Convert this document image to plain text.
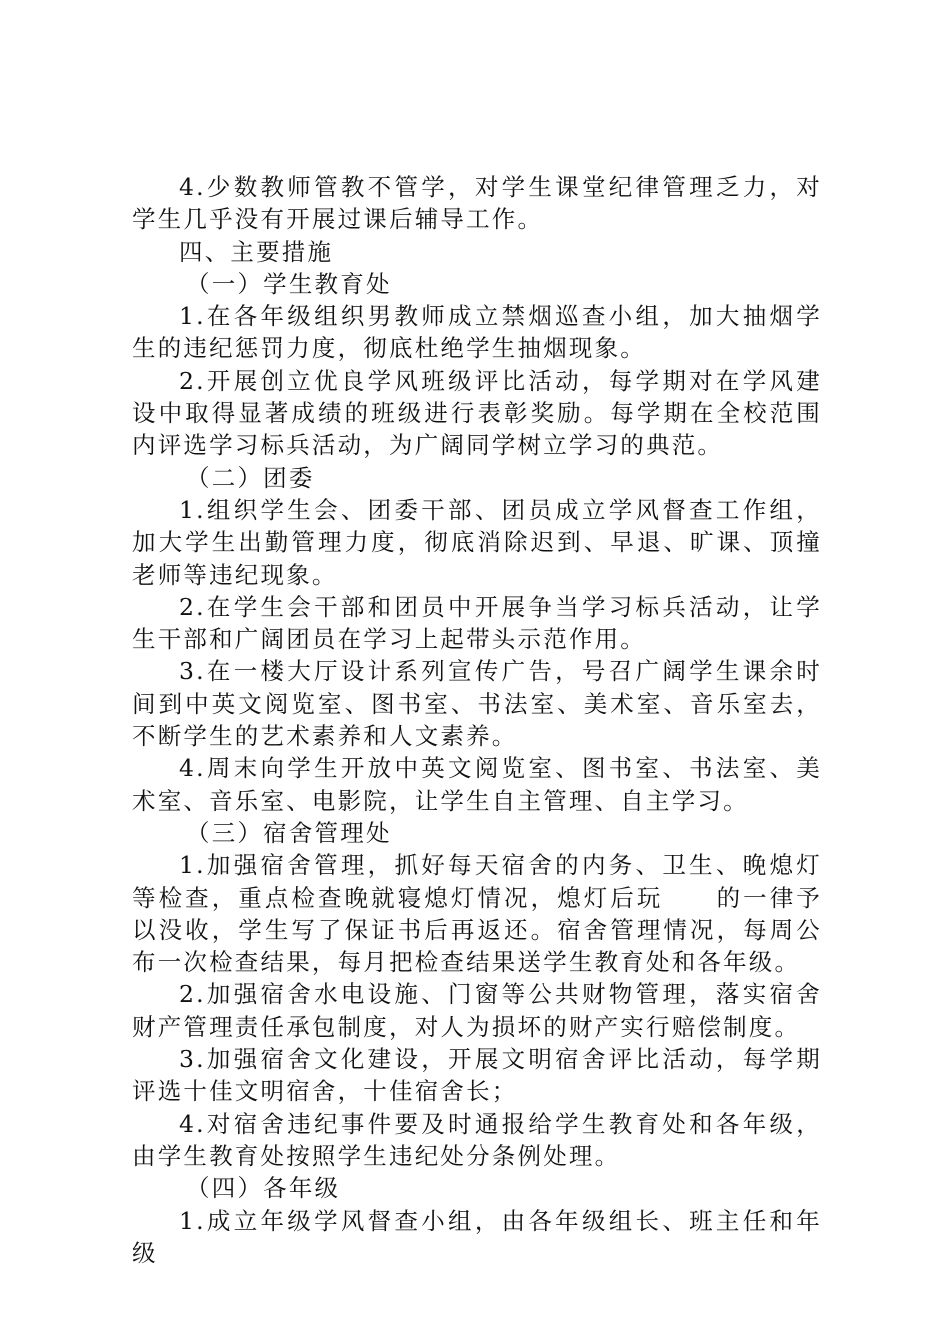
4.少数教师管教不管学，对学生课堂纪律管理乏力，对学生几乎没有开展过课后辅导工作。

四、主要措施

（一）学生教育处

1.在各年级组织男教师成立禁烟巡查小组，加大抽烟学生的违纪惩罚力度，彻底杜绝学生抽烟现象。

2.开展创立优良学风班级评比活动，每学期对在学风建设中取得显著成绩的班级进行表彰奖励。每学期在全校范围内评选学习标兵活动，为广阔同学树立学习的典范。

（二）团委

1.组织学生会、团委干部、团员成立学风督查工作组，加大学生出勤管理力度，彻底消除迟到、早退、旷课、顶撞老师等违纪现象。

2.在学生会干部和团员中开展争当学习标兵活动，让学生干部和广阔团员在学习上起带头示范作用。

3.在一楼大厅设计系列宣传广告，号召广阔学生课余时间到中英文阅览室、图书室、书法室、美术室、音乐室去，不断学生的艺术素养和人文素养。

4.周末向学生开放中英文阅览室、图书室、书法室、美术室、音乐室、电影院，让学生自主管理、自主学习。

（三）宿舍管理处

1.加强宿舍管理，抓好每天宿舍的内务、卫生、晚熄灯等检查，重点检查晚就寝熄灯情况，熄灯后玩　　的一律予以没收，学生写了保证书后再返还。宿舍管理情况，每周公布一次检查结果，每月把检查结果送学生教育处和各年级。

2.加强宿舍水电设施、门窗等公共财物管理，落实宿舍财产管理责任承包制度，对人为损坏的财产实行赔偿制度。

3.加强宿舍文化建设，开展文明宿舍评比活动，每学期评选十佳文明宿舍，十佳宿舍长；

4.对宿舍违纪事件要及时通报给学生教育处和各年级，由学生教育处按照学生违纪处分条例处理。

（四）各年级

1.成立年级学风督查小组，由各年级组长、班主任和年级
